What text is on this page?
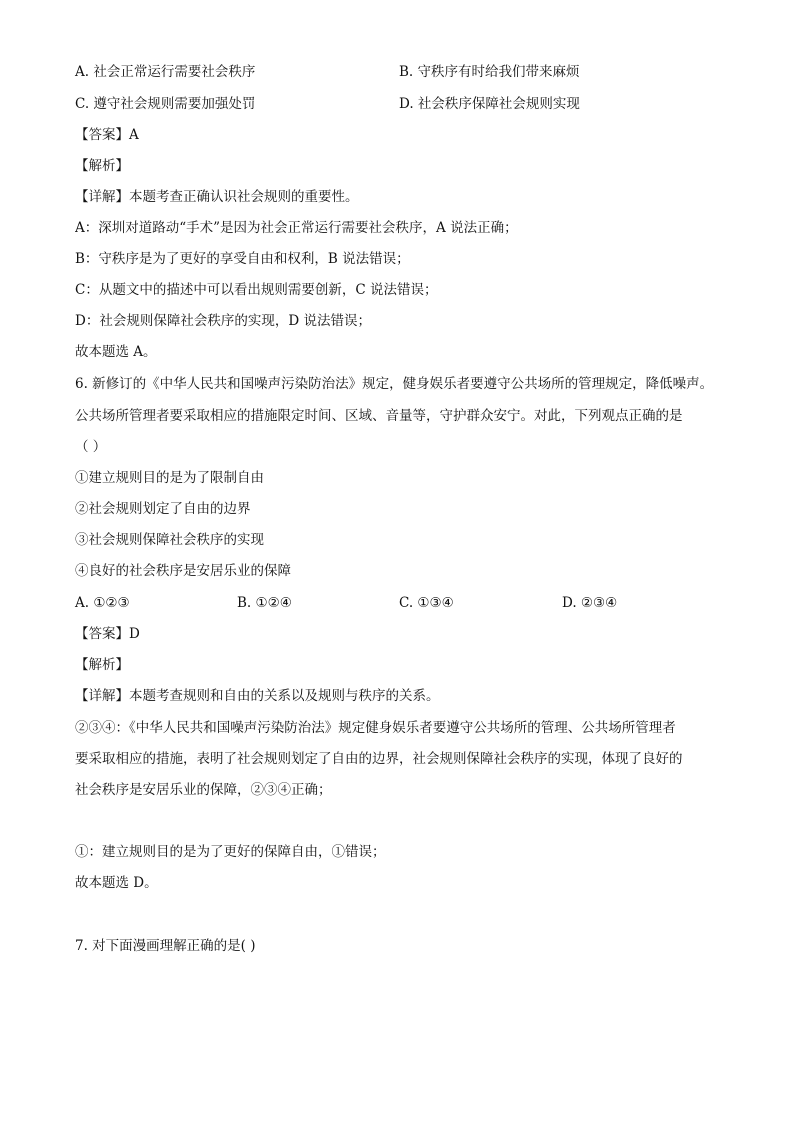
A. 社会正常运行需要社会秩序	B. 守秩序有时给我们带来麻烦
C. 遵守社会规则需要加强处罚	D. 社会秩序保障社会规则实现
【答案】A
【解析】
【详解】本题考查正确认识社会规则的重要性。
A：深圳对道路动“手术”是因为社会正常运行需要社会秩序，A 说法正确；
B：守秩序是为了更好的享受自由和权利，B 说法错误；
C：从题文中的描述中可以看出规则需要创新，C 说法错误；
D：社会规则保障社会秩序的实现，D 说法错误；
故本题选 A。
6. 新修订的《中华人民共和国噪声污染防治法》规定，健身娱乐者要遵守公共场所的管理规定，降低噪声。
公共场所管理者要采取相应的措施限定时间、区域、音量等，守护群众安宁。对此，下列观点正确的是
（ ）
①建立规则目的是为了限制自由
②社会规则划定了自由的边界
③社会规则保障社会秩序的实现
④良好的社会秩序是安居乐业的保障
A. ①②③	B. ①②④	C. ①③④	D. ②③④
【答案】D
【解析】
【详解】本题考查规则和自由的关系以及规则与秩序的关系。
②③④：《中华人民共和国噪声污染防治法》规定健身娱乐者要遵守公共场所的管理、公共场所管理者
要采取相应的措施，表明了社会规则划定了自由的边界，社会规则保障社会秩序的实现，体现了良好的
社会秩序是安居乐业的保障，②③④正确；
①：建立规则目的是为了更好的保障自由，①错误；
故本题选 D。
7. 对下面漫画理解正确的是( )
